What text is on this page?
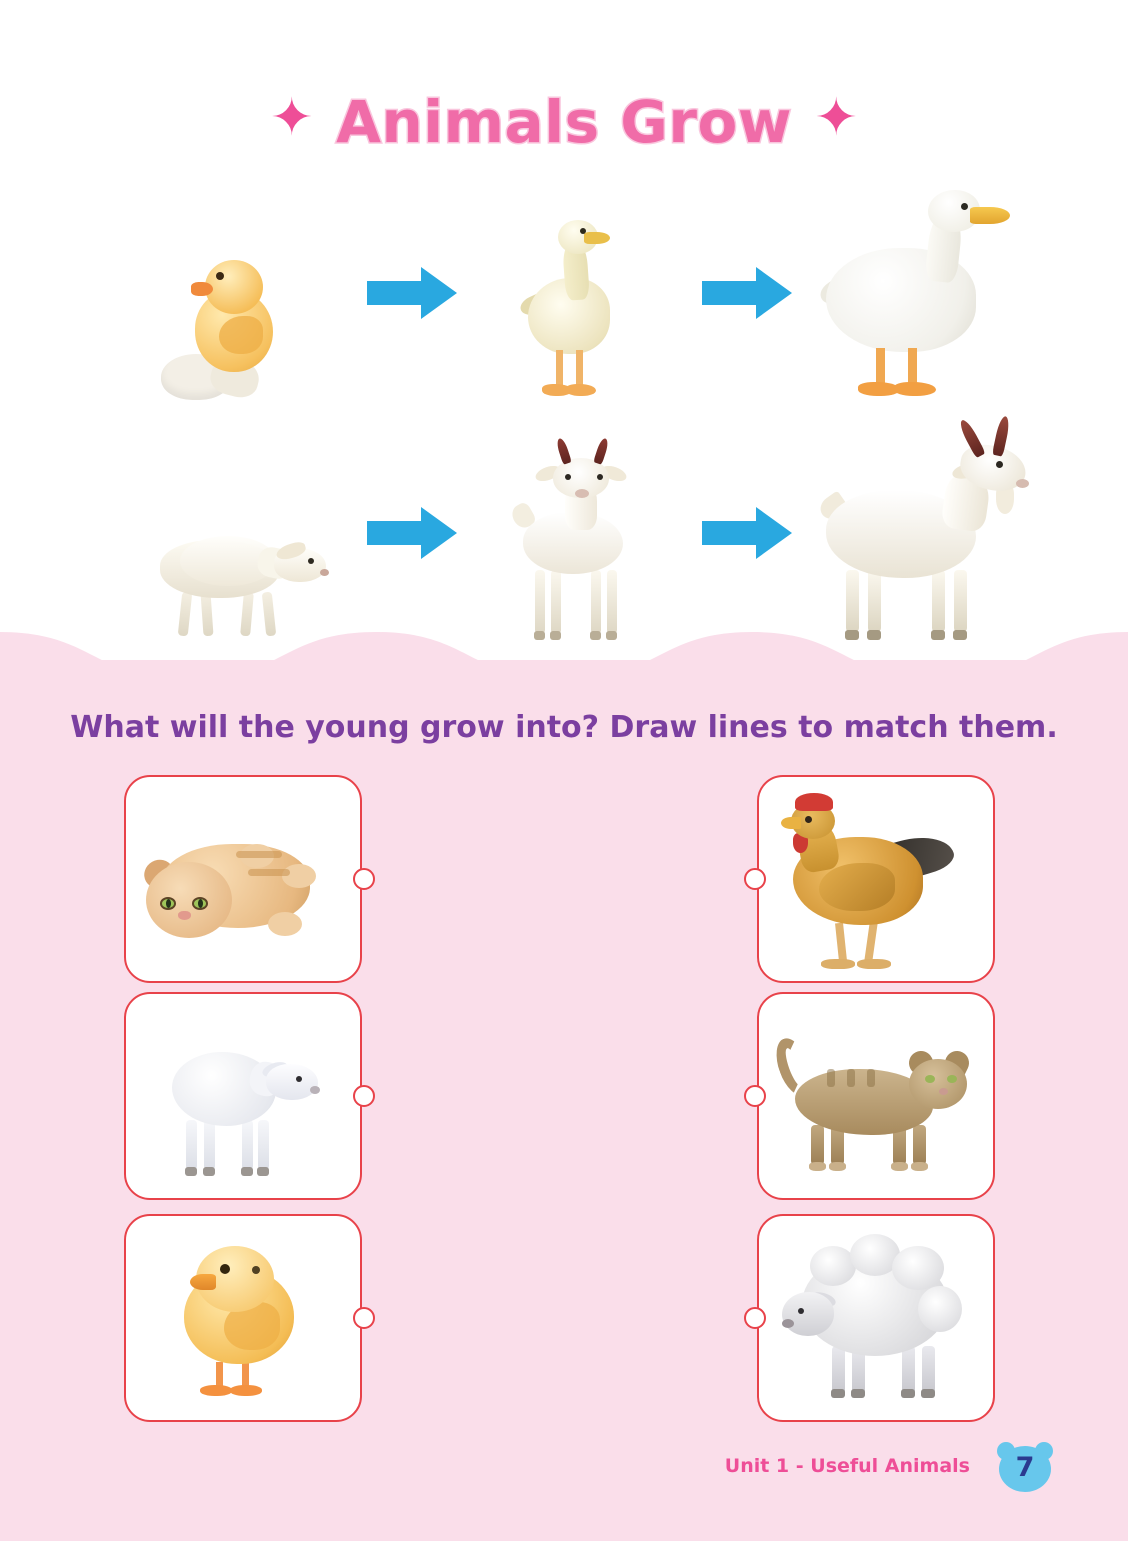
✦ Animals Grow ✦
What will the young grow into? Draw lines to match them.
Unit 1 - Useful Animals	7
